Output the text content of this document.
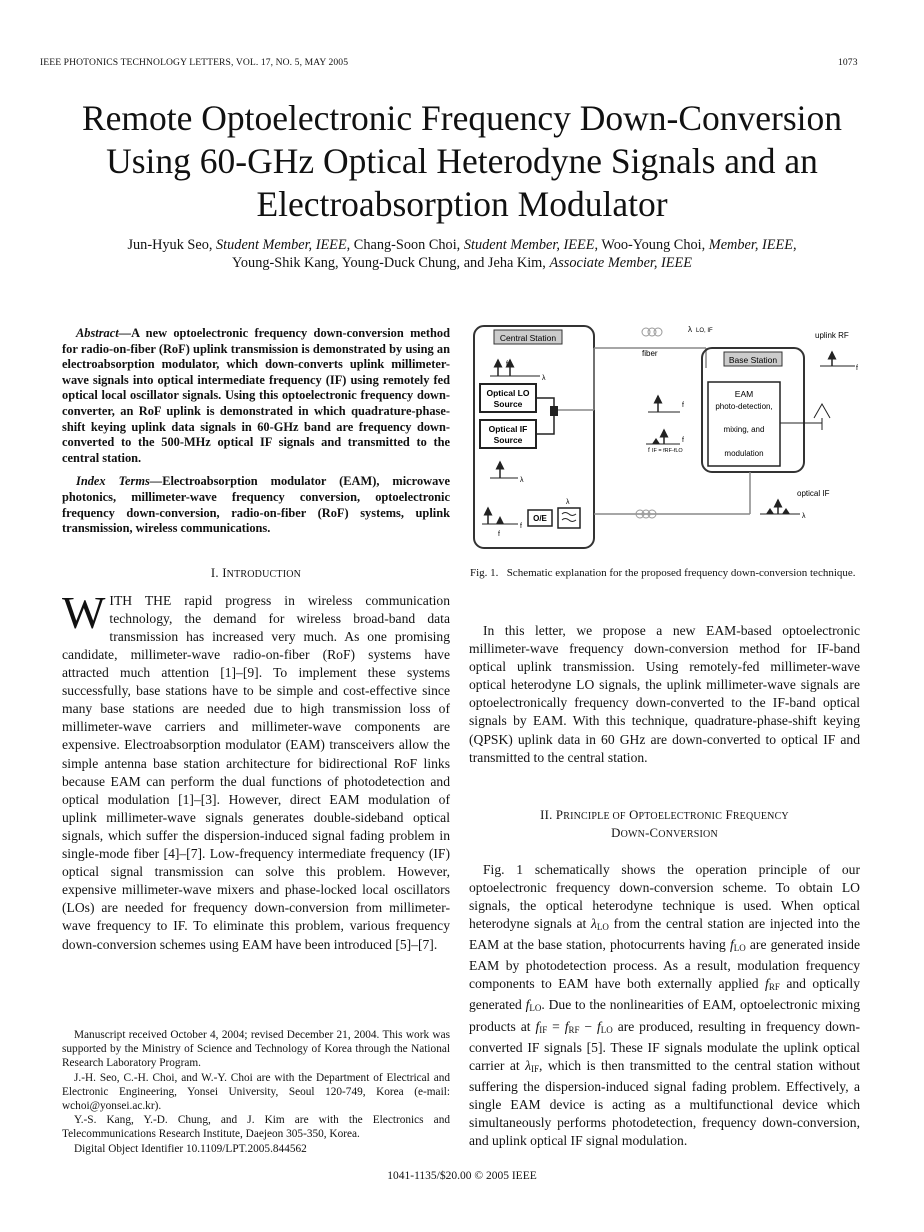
IEEE PHOTONICS TECHNOLOGY LETTERS, VOL. 17, NO. 5, MAY 2005	1073
Remote Optoelectronic Frequency Down-Conversion Using 60-GHz Optical Heterodyne Signals and an Electroabsorption Modulator
Jun-Hyuk Seo, Student Member, IEEE, Chang-Soon Choi, Student Member, IEEE, Woo-Young Choi, Member, IEEE,
Young-Shik Kang, Young-Duck Chung, and Jeha Kim, Associate Member, IEEE

Abstract—A new optoelectronic frequency down-conversion method for radio-on-fiber (RoF) uplink transmission is demonstrated by using an electroabsorption modulator, which down-converts uplink millimeter-wave signals into optical intermediate frequency (IF) using remotely fed optical local oscillator signals. Using this optoelectronic frequency down-converter, an RoF uplink is demonstrated in which quadrature-phase-shift keying uplink data signals in 60-GHz band are frequency down-converted to the 500-MHz optical IF signals and transmitted to the central station.

Index Terms—Electroabsorption modulator (EAM), microwave photonics, millimeter-wave frequency conversion, optoelectronic frequency down-conversion, radio-on-fiber (RoF) systems, uplink transmission, wireless communications.

I. INTRODUCTION

WITH THE rapid progress in wireless communication technology, the demand for wireless broad-band data transmission has increased very much. As one promising candidate, millimeter-wave radio-on-fiber (RoF) systems have attracted much attention [1]–[9]. To implement these systems successfully, base stations have to be simple and cost-effective since many base stations are needed due to high transmission loss of millimeter-wave carriers and millimeter-wave components are expensive. Electroabsorption modulator (EAM) transceivers allow the simple antenna base station architecture for bidirectional RoF links because EAM can perform the dual functions of photodetection and optical modulation [1]–[3]. However, direct EAM modulation of uplink millimeter-wave signals generates double-sideband optical signals, which suffer the dispersion-induced signal fading problem in single-mode fiber [4]–[7]. Low-frequency intermediate frequency (IF) optical signal transmission can solve this problem. However, expensive millimeter-wave mixers and phase-locked local oscillators (LOs) are needed for frequency down-conversion from millimeter-wave frequency to IF. To eliminate this problem, various frequency down-conversion schemes using EAM have been introduced [5]–[7].

Manuscript received October 4, 2004; revised December 21, 2004. This work was supported by the Ministry of Science and Technology of Korea through the National Research Laboratory Program.

J.-H. Seo, C.-H. Choi, and W.-Y. Choi are with the Department of Electrical and Electronic Engineering, Yonsei University, Seoul 120-749, Korea (e-mail: wchoi@yonsei.ac.kr).

Y.-S. Kang, Y.-D. Chung, and J. Kim are with the Electronics and Telecommunications Research Institute, Daejeon 305-350, Korea.

Digital Object Identifier 10.1109/LPT.2005.844562

Central Station
f
λ
Optical LO
Source
Optical IF
Source
λ
fiber
λ LO, IF
Base Station
EAM
photo-detection,
mixing, and
modulation
f
f
f IF = fRF-fLO
uplink RF
f
optical IF
λ
O/E
λ
f
f
Fig. 1. Schematic explanation for the proposed frequency down-conversion technique.

In this letter, we propose a new EAM-based optoelectronic millimeter-wave frequency down-conversion method for IF-band optical uplink transmission. Using remotely-fed millimeter-wave optical heterodyne LO signals, the uplink millimeter-wave signals are optoelectronically frequency down-converted to the IF-band optical signals by EAM. With this technique, quadrature-phase-shift keying (QPSK) uplink data in 60 GHz are down-converted to optical IF and transmitted to the central station.

II. PRINCIPLE OF OPTOELECTRONIC FREQUENCY
DOWN-CONVERSION

Fig. 1 schematically shows the operation principle of our optoelectronic frequency down-conversion scheme. To obtain LO signals, the optical heterodyne technique is used. When optical heterodyne signals at $\lambda_{LO}$ from the central station are injected into the EAM at the base station, photocurrents having $f_{LO}$ are generated inside EAM by photodetection process. As a result, modulation frequency components to EAM have both externally applied $f_{RF}$ and optically generated $f_{LO}$. Due to the nonlinearities of EAM, optoelectronic mixing products at $f_{IF} = f_{RF} - f_{LO}$ are produced, resulting in frequency down-converted IF signals [5]. These IF signals modulate the uplink optical carrier at $\lambda_{IF}$, which is then transmitted to the central station without suffering the dispersion-induced signal fading problem. Effectively, a single EAM device is acting as a multifunctional device which simultaneously performs photodetection, frequency down-conversion, and uplink optical IF signal modulation.

1041-1135/$20.00 © 2005 IEEE
